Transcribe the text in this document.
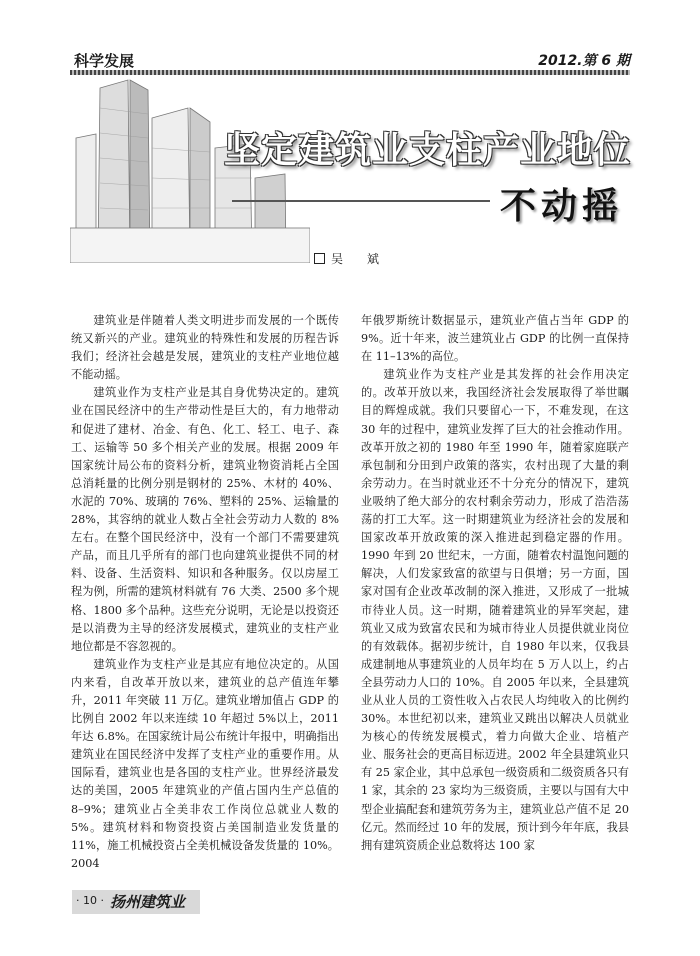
科学发展	2012.第 6 期
坚定建筑业支柱产业地位
不动摇
吴　斌

建筑业是伴随着人类文明进步而发展的一个既传统又新兴的产业。建筑业的特殊性和发展的历程告诉我们；经济社会越是发展，建筑业的支柱产业地位越不能动摇。

建筑业作为支柱产业是其自身优势决定的。建筑业在国民经济中的生产带动性是巨大的，有力地带动和促进了建材、冶金、有色、化工、轻工、电子、森工、运输等 50 多个相关产业的发展。根据 2009 年国家统计局公布的资料分析，建筑业物资消耗占全国总消耗量的比例分别是钢材的 25%、木材的 40%、水泥的 70%、玻璃的 76%、塑料的 25%、运输量的 28%，其容纳的就业人数占全社会劳动力人数的 8%左右。在整个国民经济中，没有一个部门不需要建筑产品，而且几乎所有的部门也向建筑业提供不同的材料、设备、生活资料、知识和各种服务。仅以房屋工程为例，所需的建筑材料就有 76 大类、2500 多个规格、1800 多个品种。这些充分说明，无论是以投资还是以消费为主导的经济发展模式，建筑业的支柱产业地位都是不容忽视的。

建筑业作为支柱产业是其应有地位决定的。从国内来看，自改革开放以来，建筑业的总产值连年攀升，2011 年突破 11 万亿。建筑业增加值占 GDP 的比例自 2002 年以来连续 10 年超过 5%以上，2011 年达 6.8%。在国家统计局公布统计年报中，明确指出建筑业在国民经济中发挥了支柱产业的重要作用。从国际看，建筑业也是各国的支柱产业。世界经济最发达的美国，2005 年建筑业的产值占国内生产总值的 8–9%；建筑业占全美非农工作岗位总就业人数的 5%。建筑材料和物资投资占美国制造业发货量的 11%，施工机械投资占全美机械设备发货量的 10%。2004

年俄罗斯统计数据显示，建筑业产值占当年 GDP 的 9%。近十年来，波兰建筑业占 GDP 的比例一直保持在 11–13%的高位。

建筑业作为支柱产业是其发挥的社会作用决定的。改革开放以来，我国经济社会发展取得了举世瞩目的辉煌成就。我们只要留心一下，不难发现，在这 30 年的过程中，建筑业发挥了巨大的社会推动作用。改革开放之初的 1980 年至 1990 年，随着家庭联产承包制和分田到户政策的落实，农村出现了大量的剩余劳动力。在当时就业还不十分充分的情况下，建筑业吸纳了绝大部分的农村剩余劳动力，形成了浩浩荡荡的打工大军。这一时期建筑业为经济社会的发展和国家改革开放政策的深入推进起到稳定器的作用。1990 年到 20 世纪末，一方面，随着农村温饱问题的解决，人们发家致富的欲望与日俱增；另一方面，国家对国有企业改革改制的深入推进，又形成了一批城市待业人员。这一时期，随着建筑业的异军突起，建筑业又成为致富农民和为城市待业人员提供就业岗位的有效载体。据初步统计，自 1980 年以来，仅我县成建制地从事建筑业的人员年均在 5 万人以上，约占全县劳动力人口的 10%。自 2005 年以来，全县建筑业从业人员的工资性收入占农民人均纯收入的比例约 30%。本世纪初以来，建筑业又跳出以解决人员就业为核心的传统发展模式，着力向做大企业、培植产业、服务社会的更高目标迈进。2002 年全县建筑业只有 25 家企业，其中总承包一级资质和二级资质各只有 1 家，其余的 23 家均为三级资质，主要以与国有大中型企业搞配套和建筑劳务为主，建筑业总产值不足 20 亿元。然而经过 10 年的发展，预计到今年年底，我县拥有建筑资质企业总数将达 100 家

· 10 · 扬州建筑业
